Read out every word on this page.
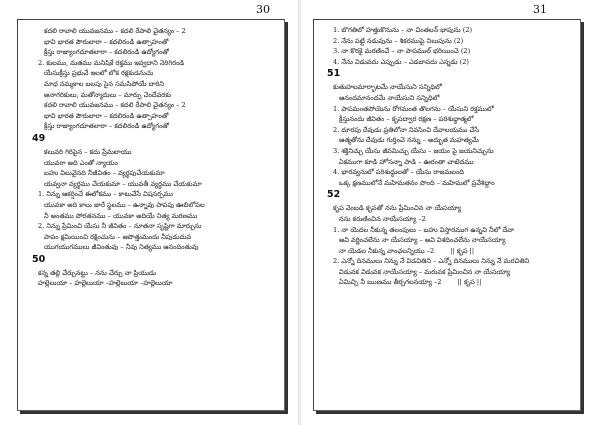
30
కదలి రావాలి యువజనము – కదలి రేపాలి చైతన్యం – 2
భావి భారత పౌరులారా – కదలిరండి ఉత్సాహంతో
క్రీస్తు రాజ్యాంగదూతలారా – కదలిరండి ఉద్యోగంతో
2. కులము, మతము మనిషికే రక్తము ఇవ్వదాని నెరిగిరండి
యేసుక్రీస్తు ప్రభువే ఇలలో లోక రక్షకుడనుచు
మాధ నమ్మకాల బలపు సైన సమసిపోయే దారిని
అనాగరికులు, మతోన్మాదులు – మార్పు చెందేవరకు
కదలి రావాలి యువజనము – కదలి రేపాలి చైతన్యం – 2
భావి భారత పౌరులారా – కదలిరండి ఉత్సాహంతో
క్రీస్తు రాజ్యాంగదూతలారా – కదలిరండి ఉద్యోగంతో
49
కలువరి గిరిపైన – కదు ప్రేమలాయు
యువరా అది ఎంతో న్యాయం
బహు విలువైనది నీజీవితం – వ్యర్థపుచేయకుమా
యవ్వనా వ్యర్థము చేయకుమా – యువతీ వ్యర్థము చేయకుమా
1. నిన్ను ఆకర్షించే ఈలోకము – కాటువేసే విషసర్పము
యువకా అది కాలు జారే స్థలము – ఉన్నావు పాపపు ఊబిలోపల
నీ అంతము పోరతనము – యువకా అదియే నిత్య మరణము
2. నిన్ను ప్రేమించి యేసు నీ జీవితం – నూతనా సృష్టిగా మార్చును
పాపం క్షమియించి రక్షించును – ఆపొత్తుమందు నీపుడుదువ
యుగయుగములు జీవింతువు – నీవు నిత్యము ఆనందింతువు
50
కన్న తల్లి చేర్చునట్టు – నను చేర్చు నా ప్రియుడు
హల్లెలుయా – హల్లెలుయా –హల్లెలుయా –హల్లెలుయా
31
1. బొగతిలో హత్తుకొనును – నా చింతలన్ భాపును (2)
2. నేను పట్టి నడుపును – శికరముపై నిలుపును (2)
3. నా కొరకై మరణించే – నా పాపముల్ భరియించె (2)
4. నేను విడువదు ఎప్పుడు – ఎడబాపదు ఎన్నడు (2)
51
కుతుహలమార్భాటమే నాయేసుని సన్నిధిలో
ఆనందమానందమే నాయేసుని సన్నిధిలో
1. పాపమంతపోయెను రోగమంత తొలగను – యేసుని రక్తములో
క్రీస్తునందు జీవితం – కృపద్వార రక్షణ – పరిశుద్ధాత్మలో
2. దూరపు దేవుడు ప్రతిలోనా నివసించి దేవాలయము చేసే
ఆత్మతోను దేవుడు గుర్తించె నన్ను – అద్భుత మహత్యమే
3. శక్తినిచ్చు యేసు జీవమిచ్చు యేసు – జయం పై జయనిచ్చును
ఏకముగా కూడి హోసన్నా పాడి – ఊరంతా చాటెదము
4. భారవ్వనులో పరిశుద్ధులతో – యేసు రాజమలంది
ఒక్క క్షణములోనే మహిమతనం పొంది – మహిమలో ప్రవేశిద్దాం
52
కృప వెంబడి కృపతో నను ప్రేమించిన నా యేసయ్యా
నను కరుణించిన నాయేసయ్యా –2
1. నా యెదల నీకున్న తలంపులు – బహు విస్తారముగ ఉన్నవి నీలో దేవా
అవి వర్ణించలేను నా యేసయ్యా – అవి విశదించలేను నాయేసయ్యా
నా యెడల నీకున్న వాంఛలన్నియు –2 || కృప ||
2. ఎన్నో దినములు నిన్ను నే విడచితిని – ఎన్నో దినములు నిన్ను నే మరచితిని
విడువక విడువక నాయేసయ్యా – మరువక ప్రేమించిన నా యేసయ్యా
ఏమిచ్చి నీ ఋణము తీర్చగలనయ్యా –2 || కృప ||
